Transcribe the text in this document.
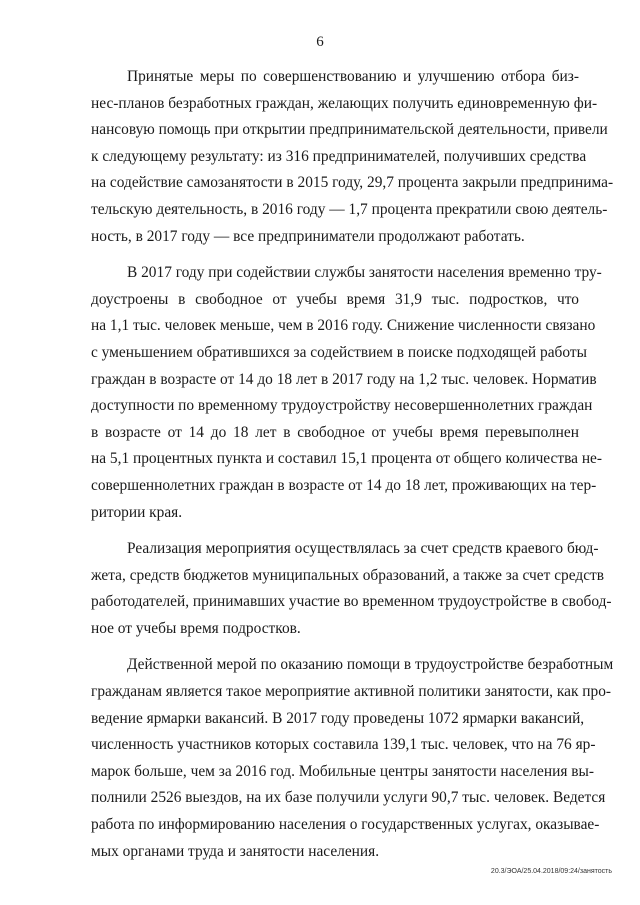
6
Принятые меры по совершенствованию и улучшению отбора биз-
нес-планов безработных граждан, желающих получить единовременную фи-
нансовую помощь при открытии предпринимательской деятельности, привели
к следующему результату: из 316 предпринимателей, получивших средства
на содействие самозанятости в 2015 году, 29,7 процента закрыли предпринима-
тельскую деятельность, в 2016 году — 1,7 процента прекратили свою деятель-
ность, в 2017 году — все предприниматели продолжают работать.
В 2017 году при содействии службы занятости населения временно тру-
доустроены в свободное от учебы время 31,9 тыс. подростков, что
на 1,1 тыс. человек меньше, чем в 2016 году. Снижение численности связано
с уменьшением обратившихся за содействием в поиске подходящей работы
граждан в возрасте от 14 до 18 лет в 2017 году на 1,2 тыс. человек. Норматив
доступности по временному трудоустройству несовершеннолетних граждан
в возрасте от 14 до 18 лет в свободное от учебы время перевыполнен
на 5,1 процентных пункта и составил 15,1 процента от общего количества не-
совершеннолетних граждан в возрасте от 14 до 18 лет, проживающих на тер-
ритории края.
Реализация мероприятия осуществлялась за счет средств краевого бюд-
жета, средств бюджетов муниципальных образований, а также за счет средств
работодателей, принимавших участие во временном трудоустройстве в свобод-
ное от учебы время подростков.
Действенной мерой по оказанию помощи в трудоустройстве безработным
гражданам является такое мероприятие активной политики занятости, как про-
ведение ярмарки вакансий. В 2017 году проведены 1072 ярмарки вакансий,
численность участников которых составила 139,1 тыс. человек, что на 76 яр-
марок больше, чем за 2016 год. Мобильные центры занятости населения вы-
полнили 2526 выездов, на их базе получили услуги 90,7 тыс. человек. Ведется
работа по информированию населения о государственных услугах, оказывае-
мых органами труда и занятости населения.
20.3/ЭОА/25.04.2018/09:24/занятость
